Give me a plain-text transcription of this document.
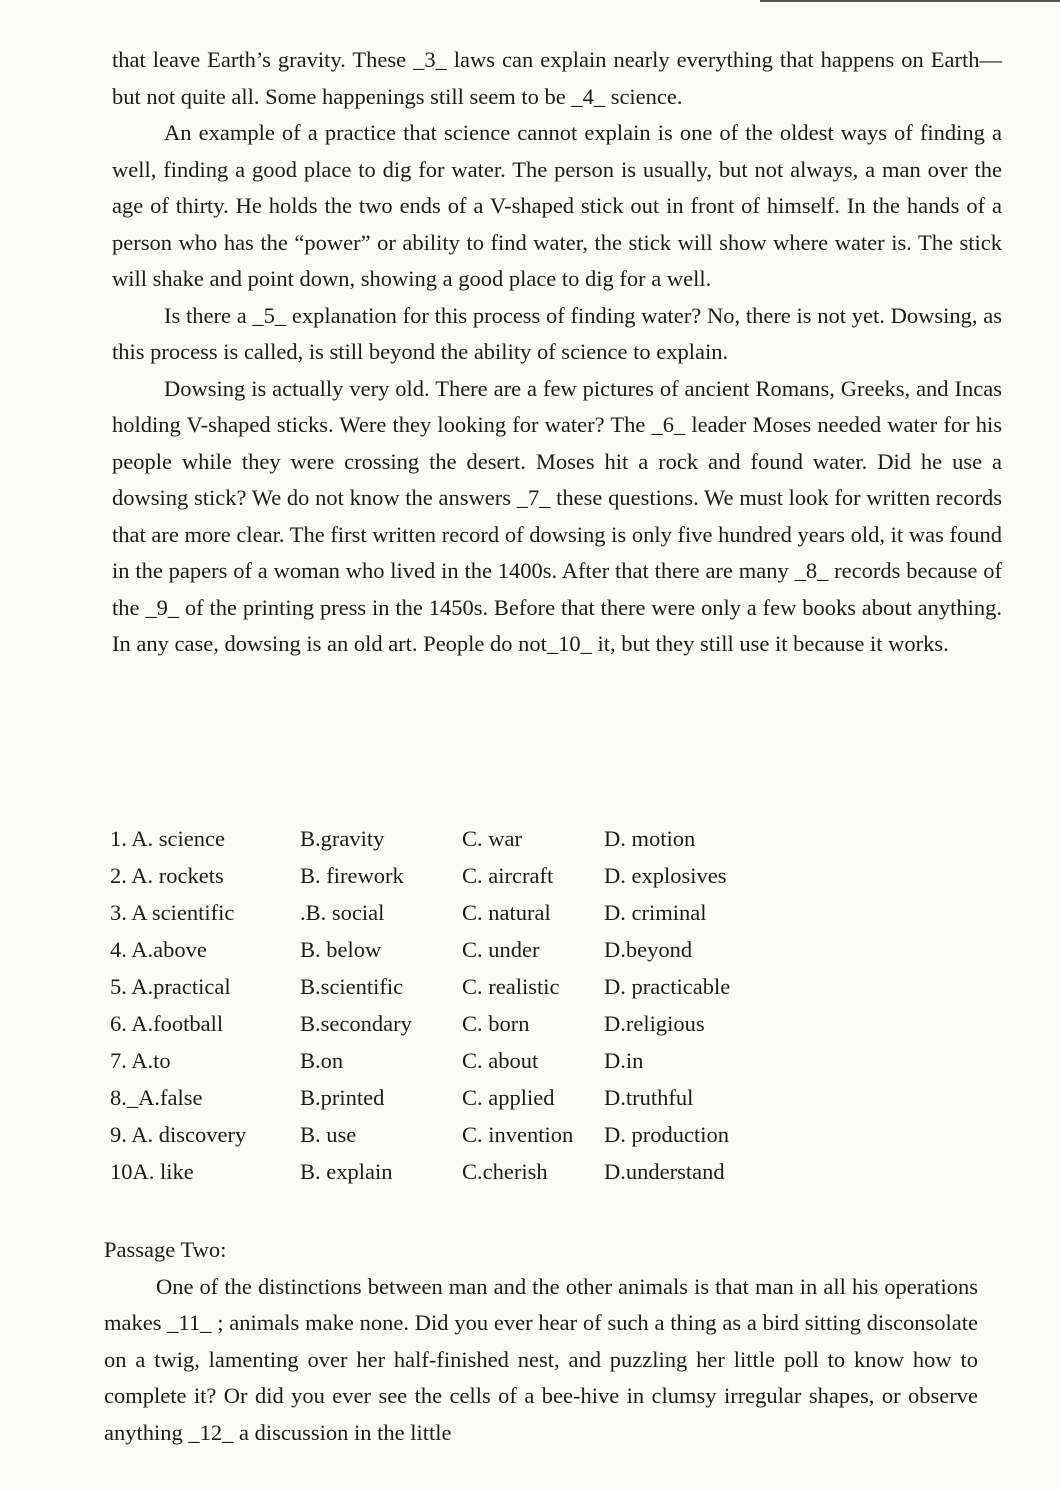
that leave Earth’s gravity. These _3_ laws can explain nearly everything that happens on Earth—but not quite all. Some happenings still seem to be _4_ science.

An example of a practice that science cannot explain is one of the oldest ways of finding a well, finding a good place to dig for water. The person is usually, but not always, a man over the age of thirty. He holds the two ends of a V-shaped stick out in front of himself. In the hands of a person who has the “power” or ability to find water, the stick will show where water is. The stick will shake and point down, showing a good place to dig for a well.

Is there a _5_ explanation for this process of finding water? No, there is not yet. Dowsing, as this process is called, is still beyond the ability of science to explain.

Dowsing is actually very old. There are a few pictures of ancient Romans, Greeks, and Incas holding V-shaped sticks. Were they looking for water? The _6_ leader Moses needed water for his people while they were crossing the desert. Moses hit a rock and found water. Did he use a dowsing stick? We do not know the answers _7_ these questions. We must look for written records that are more clear. The first written record of dowsing is only five hundred years old, it was found in the papers of a woman who lived in the 1400s. After that there are many _8_ records because of the _9_ of the printing press in the 1450s. Before that there were only a few books about anything. In any case, dowsing is an old art. People do not_10_ it, but they still use it because it works.

1. A. science	B.gravity	C. war	D. motion
2. A. rockets	B. firework	C. aircraft D. explosives
3. A scientific	.B. social	C. natural D. criminal
4. A.above	B. below	C. under	D.beyond
5. A.practical	B.scientific	C. realistic D. practicable
6. A.football	B.secondary C. born	D.religious
7. A.to	B.on	C. about	D.in
8._A.false	B.printed	C. applied D.truthful
9. A. discovery B. use	C. invention D. production
10A. like	B. explain	C.cherish	D.understand

Passage Two:

One of the distinctions between man and the other animals is that man in all his operations makes _11_ ; animals make none. Did you ever hear of such a thing as a bird sitting disconsolate on a twig, lamenting over her half-finished nest, and puzzling her little poll to know how to complete it? Or did you ever see the cells of a bee-hive in clumsy irregular shapes, or observe anything _12_ a discussion in the little
